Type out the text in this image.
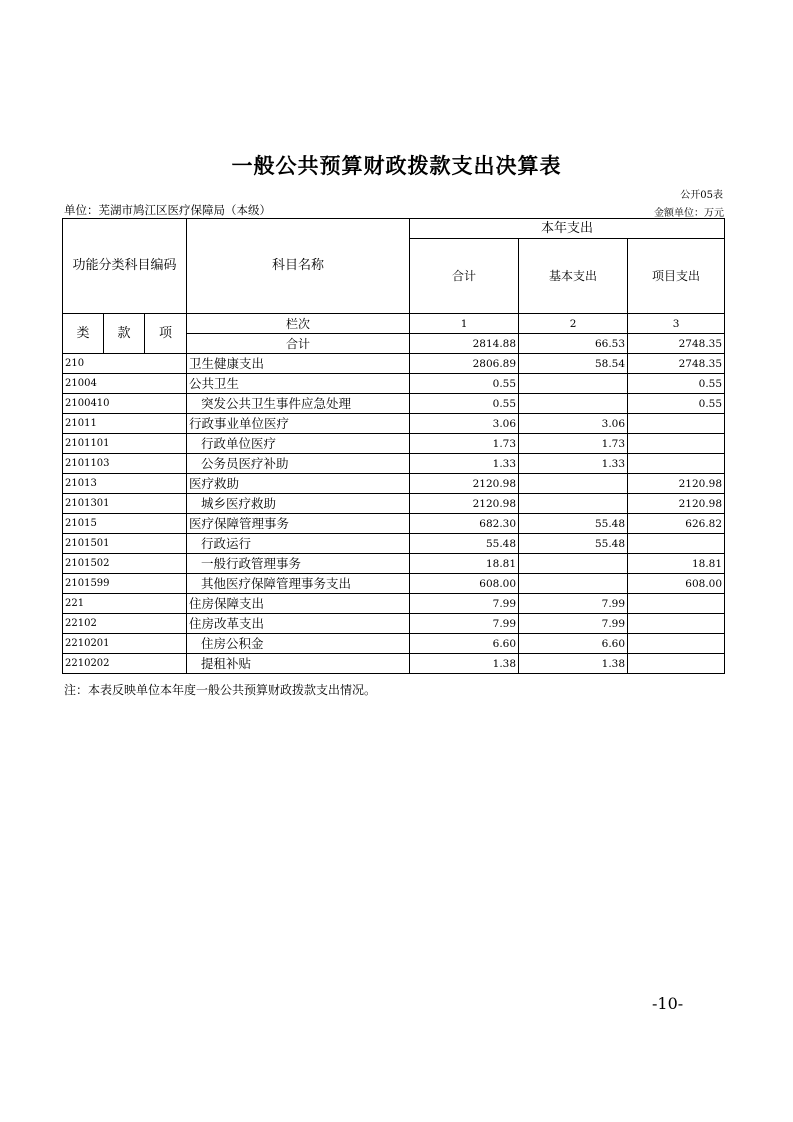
一般公共预算财政拨款支出决算表
公开05表
单位：芜湖市鸠江区医疗保障局（本级）	金额单位：万元
功能分类科目编码			科目名称	本年支出		
				合计	基本支出	项目支出
类	款	项	栏次	1	2	3
			合计	2814.88	66.53	2748.35
210			卫生健康支出	2806.89	58.54	2748.35
21004			公共卫生	0.55		0.55
2100410			突发公共卫生事件应急处理	0.55		0.55
21011			行政事业单位医疗	3.06	3.06	
2101101			行政单位医疗	1.73	1.73	
2101103			公务员医疗补助	1.33	1.33	
21013			医疗救助	2120.98		2120.98
2101301			城乡医疗救助	2120.98		2120.98
21015			医疗保障管理事务	682.30	55.48	626.82
2101501			行政运行	55.48	55.48	
2101502			一般行政管理事务	18.81		18.81
2101599			其他医疗保障管理事务支出	608.00		608.00
221			住房保障支出	7.99	7.99	
22102			住房改革支出	7.99	7.99	
2210201			住房公积金	6.60	6.60	
2210202			提租补贴	1.38	1.38	
注：本表反映单位本年度一般公共预算财政拨款支出情况。
-10-
